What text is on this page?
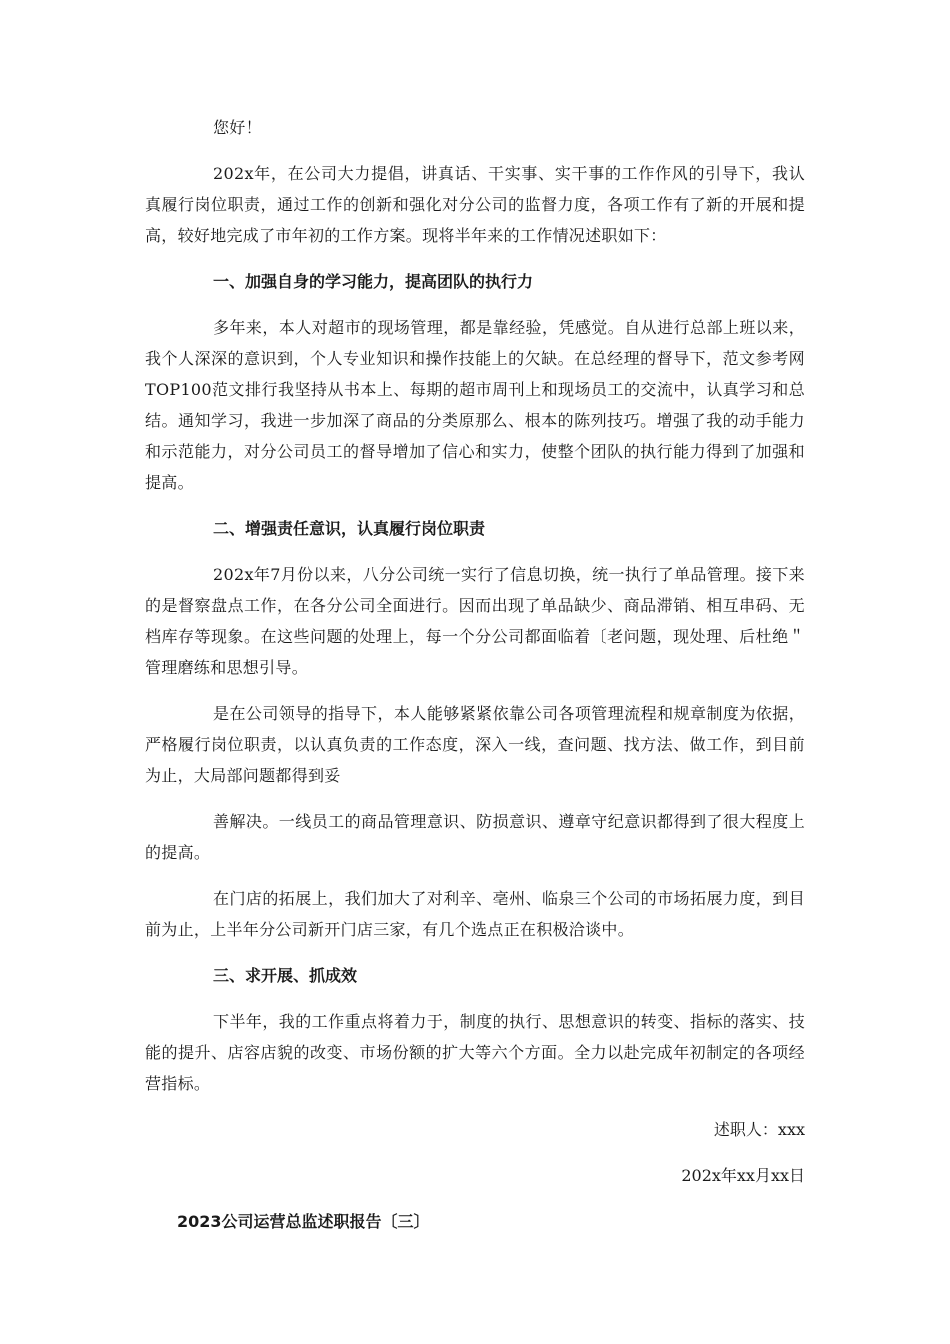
您好！

202x年，在公司大力提倡，讲真话、干实事、实干事的工作作风的引导下，我认真履行岗位职责，通过工作的创新和强化对分公司的监督力度，各项工作有了新的开展和提高，较好地完成了市年初的工作方案。现将半年来的工作情况述职如下：

一、加强自身的学习能力，提高团队的执行力

多年来，本人对超市的现场管理，都是靠经验，凭感觉。自从进行总部上班以来，我个人深深的意识到，个人专业知识和操作技能上的欠缺。在总经理的督导下，范文参考网TOP100范文排行我坚持从书本上、每期的超市周刊上和现场员工的交流中，认真学习和总结。通知学习，我进一步加深了商品的分类原那么、根本的陈列技巧。增强了我的动手能力和示范能力，对分公司员工的督导增加了信心和实力，使整个团队的执行能力得到了加强和提高。

二、增强责任意识，认真履行岗位职责

202x年7月份以来，八分公司统一实行了信息切换，统一执行了单品管理。接下来的是督察盘点工作，在各分公司全面进行。因而出现了单品缺少、商品滞销、相互串码、无档库存等现象。在这些问题的处理上，每一个分公司都面临着〔老问题，现处理、后杜绝＂管理磨练和思想引导。

是在公司领导的指导下，本人能够紧紧依靠公司各项管理流程和规章制度为依据，严格履行岗位职责，以认真负责的工作态度，深入一线，查问题、找方法、做工作，到目前为止，大局部问题都得到妥

善解决。一线员工的商品管理意识、防损意识、遵章守纪意识都得到了很大程度上的提高。

在门店的拓展上，我们加大了对利辛、亳州、临泉三个公司的市场拓展力度，到目前为止，上半年分公司新开门店三家，有几个选点正在积极洽谈中。

三、求开展、抓成效

下半年，我的工作重点将着力于，制度的执行、思想意识的转变、指标的落实、技能的提升、店容店貌的改变、市场份额的扩大等六个方面。全力以赴完成年初制定的各项经营指标。

述职人：xxx

202x年xx月xx日

2023公司运营总监述职报告〔三〕
